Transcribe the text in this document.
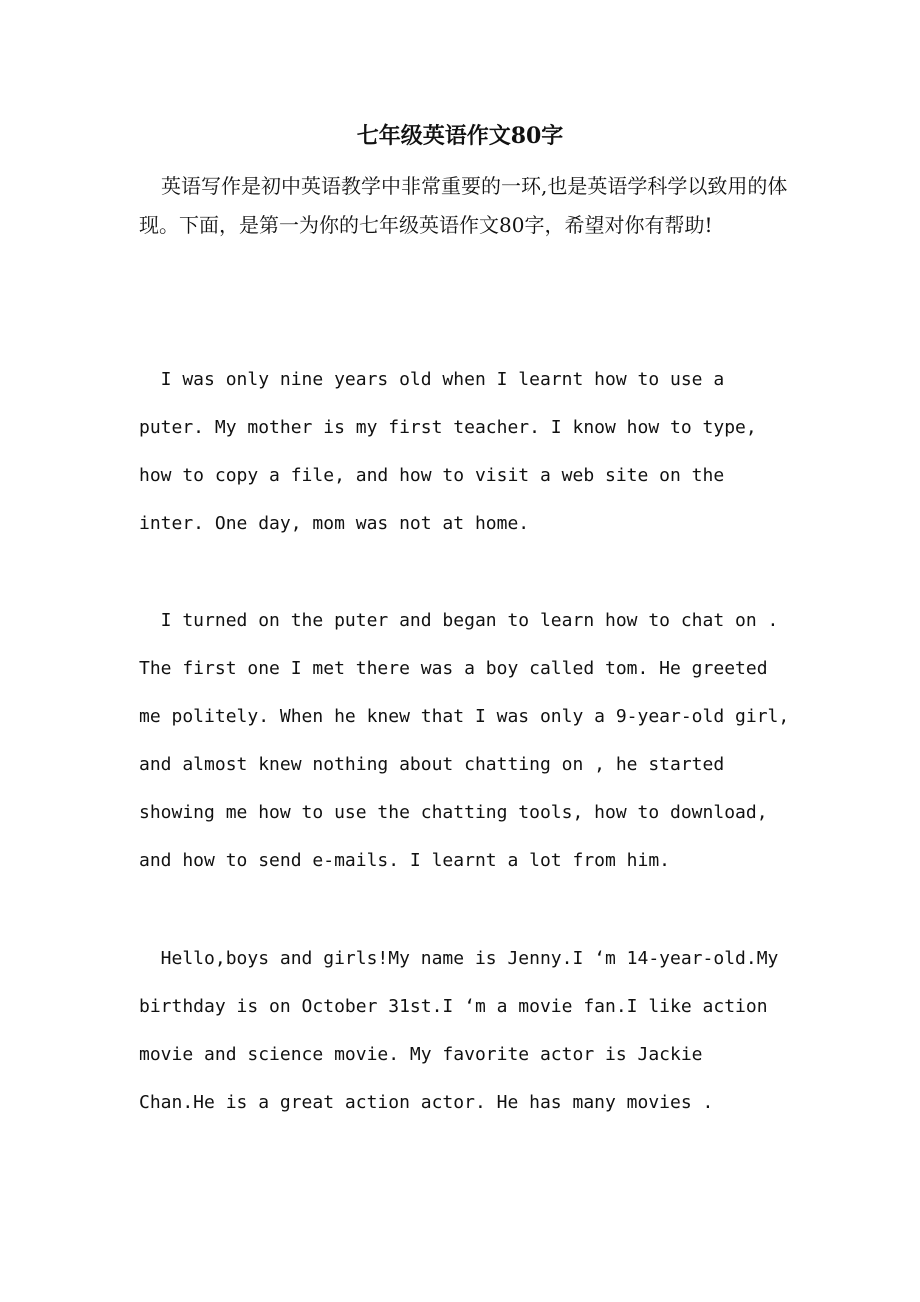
七年级英语作文80字

英语写作是初中英语教学中非常重要的一环,也是英语学科学以致用的体现。下面，是第一为你的七年级英语作文80字，希望对你有帮助!

I was only nine years old when I learnt how to use a
puter. My mother is my first teacher. I know how to type,
how to copy a file, and how to visit a web site on the
inter. One day, mom was not at home.
I turned on the puter and began to learn how to chat on .
The first one I met there was a boy called tom. He greeted
me politely. When he knew that I was only a 9-year-old girl,
and almost knew nothing about chatting on , he started
showing me how to use the chatting tools, how to download,
and how to send e-mails. I learnt a lot from him.
Hello,boys and girls!My name is Jenny.I ‘m 14-year-old.My
birthday is on October 31st.I ‘m a movie fan.I like action
movie and science movie. My favorite actor is Jackie
Chan.He is a great action actor. He has many movies .
